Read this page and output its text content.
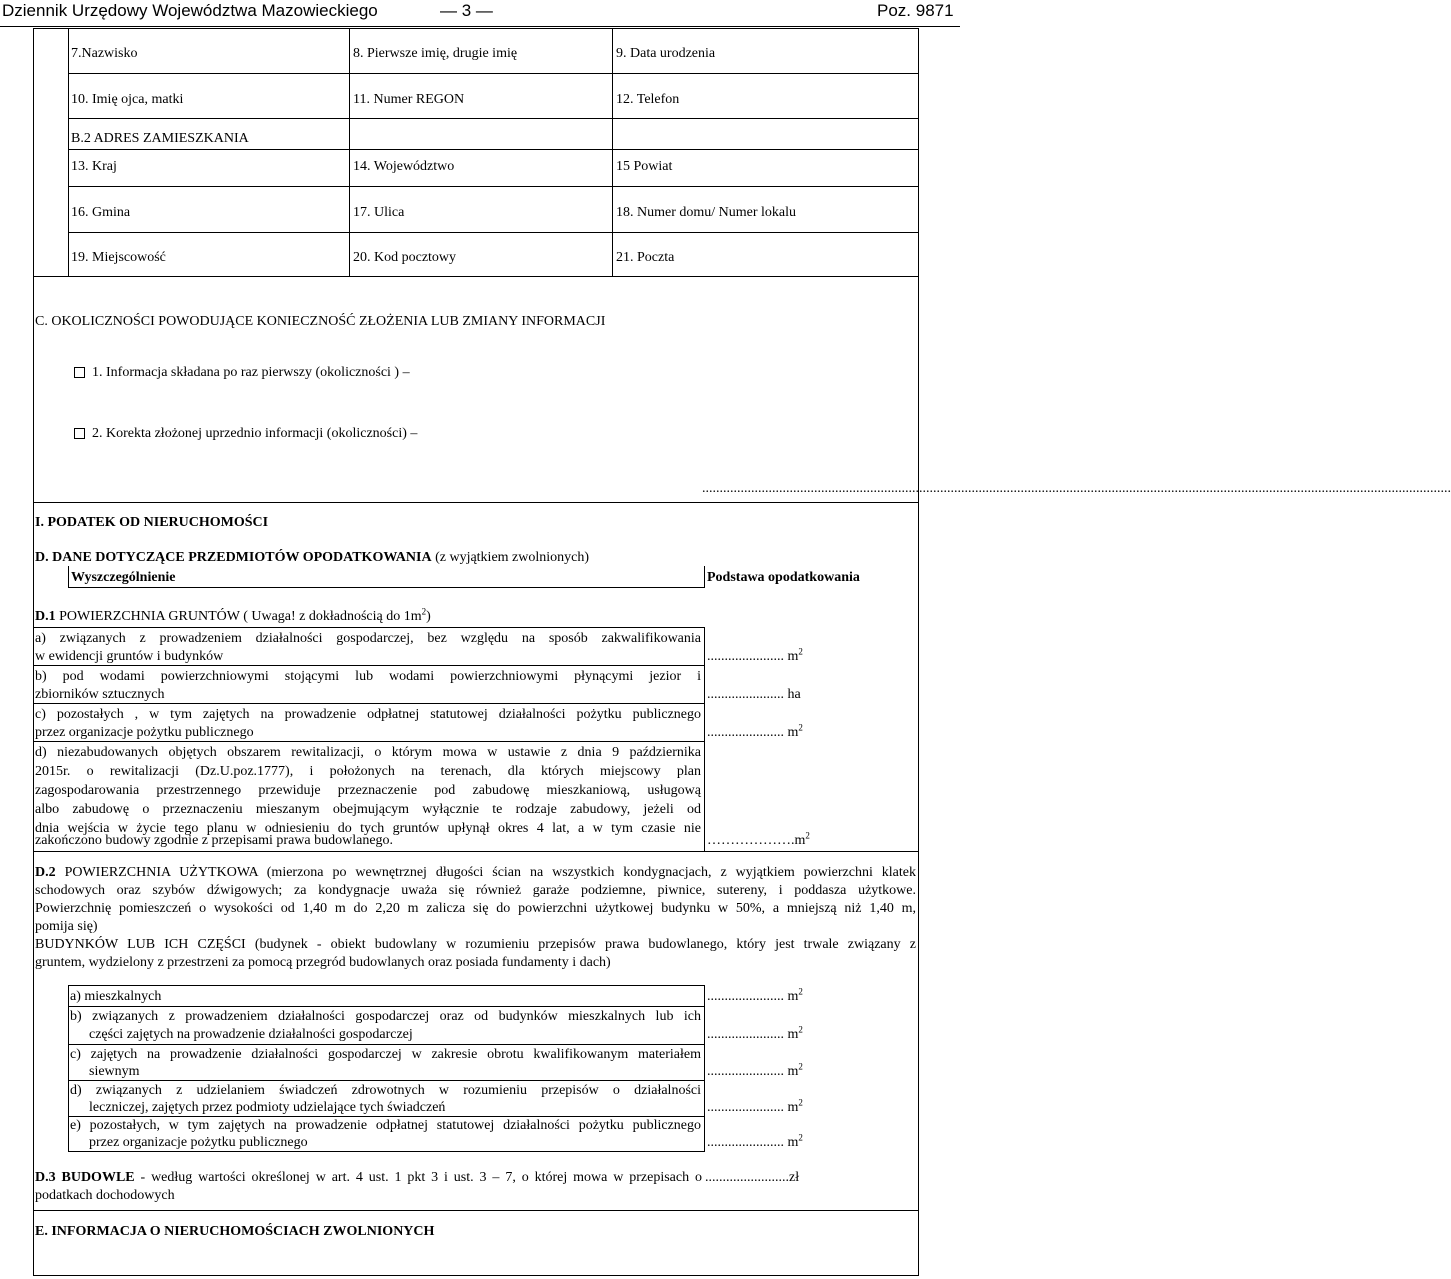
Dziennik Urzędowy Województwa Mazowieckiego	— 3 —	Poz. 9871
7.Nazwisko	8. Pierwsze imię, drugie imię	9. Data urodzenia
10. Imię ojca, matki	11. Numer REGON	12. Telefon
B.2 ADRES ZAMIESZKANIA
13. Kraj	14. Województwo	15 Powiat
16. Gmina	17. Ulica	18. Numer domu/ Numer lokalu
19. Miejscowość	20. Kod pocztowy	21. Poczta
C. OKOLICZNOŚCI POWODUJĄCE KONIECZNOŚĆ ZŁOŻENIA LUB ZMIANY INFORMACJI
1. Informacja składana po raz pierwszy (okoliczności ) –
2. Korekta złożonej uprzednio informacji (okoliczności) –
......................................................................................................................................................................................................................
I. PODATEK OD NIERUCHOMOŚCI
D. DANE DOTYCZĄCE PRZEDMIOTÓW OPODATKOWANIA (z wyjątkiem zwolnionych)
Wyszczególnienie	Podstawa opodatkowania
D.1 POWIERZCHNIA GRUNTÓW ( Uwaga! z dokładnością do $1m^2$)
a) związanych z prowadzeniem działalności gospodarczej, bez względu na sposób zakwalifikowania
w ewidencji gruntów i budynków	...................... $m^2$
b) pod wodami powierzchniowymi stojącymi lub wodami powierzchniowymi płynącymi jezior i
zbiorników sztucznych	...................... ha
c) pozostałych , w tym zajętych na prowadzenie odpłatnej statutowej działalności pożytku publicznego
przez organizacje pożytku publicznego	...................... $m^2$
d) niezabudowanych objętych obszarem rewitalizacji, o którym mowa w ustawie z dnia 9 października
2015r. o rewitalizacji (Dz.U.poz.1777), i położonych na terenach, dla których miejscowy plan
zagospodarowania przestrzennego przewiduje przeznaczenie pod zabudowę mieszkaniową, usługową
albo zabudowę o przeznaczeniu mieszanym obejmującym wyłącznie te rodzaje zabudowy, jeżeli od
dnia wejścia w życie tego planu w odniesieniu do tych gruntów upłynął okres 4 lat, a w tym czasie nie
zakończono budowy zgodnie z przepisami prawa budowlanego.	$\dots\dots\dots\dots\dots\dots.m^2$
D.2 POWIERZCHNIA UŻYTKOWA (mierzona po wewnętrznej długości ścian na wszystkich kondygnacjach, z wyjątkiem powierzchni klatek
schodowych oraz szybów dźwigowych; za kondygnacje uważa się również garaże podziemne, piwnice, sutereny, i poddasza użytkowe.
Powierzchnię pomieszczeń o wysokości od 1,40 m do 2,20 m zalicza się do powierzchni użytkowej budynku w 50%, a mniejszą niż 1,40 m,
pomija się)
BUDYNKÓW LUB ICH CZĘŚCI (budynek - obiekt budowlany w rozumieniu przepisów prawa budowlanego, który jest trwale związany z
gruntem, wydzielony z przestrzeni za pomocą przegród budowlanych oraz posiada fundamenty i dach)
a) mieszkalnych	...................... $m^2$
b) związanych z prowadzeniem działalności gospodarczej oraz od budynków mieszkalnych lub ich
części zajętych na prowadzenie działalności gospodarczej	...................... $m^2$
c) zajętych na prowadzenie działalności gospodarczej w zakresie obrotu kwalifikowanym materiałem
siewnym	...................... $m^2$
d) związanych z udzielaniem świadczeń zdrowotnych w rozumieniu przepisów o działalności
leczniczej, zajętych przez podmioty udzielające tych świadczeń	...................... $m^2$
e) pozostałych, w tym zajętych na prowadzenie odpłatnej statutowej działalności pożytku publicznego
przez organizacje pożytku publicznego	...................... $m^2$
D.3 BUDOWLE - według wartości określonej w art. 4 ust. 1 pkt 3 i ust. 3 – 7, o której mowa w przepisach o
podatkach dochodowych
........................zł
E. INFORMACJA O NIERUCHOMOŚCIACH ZWOLNIONYCH
